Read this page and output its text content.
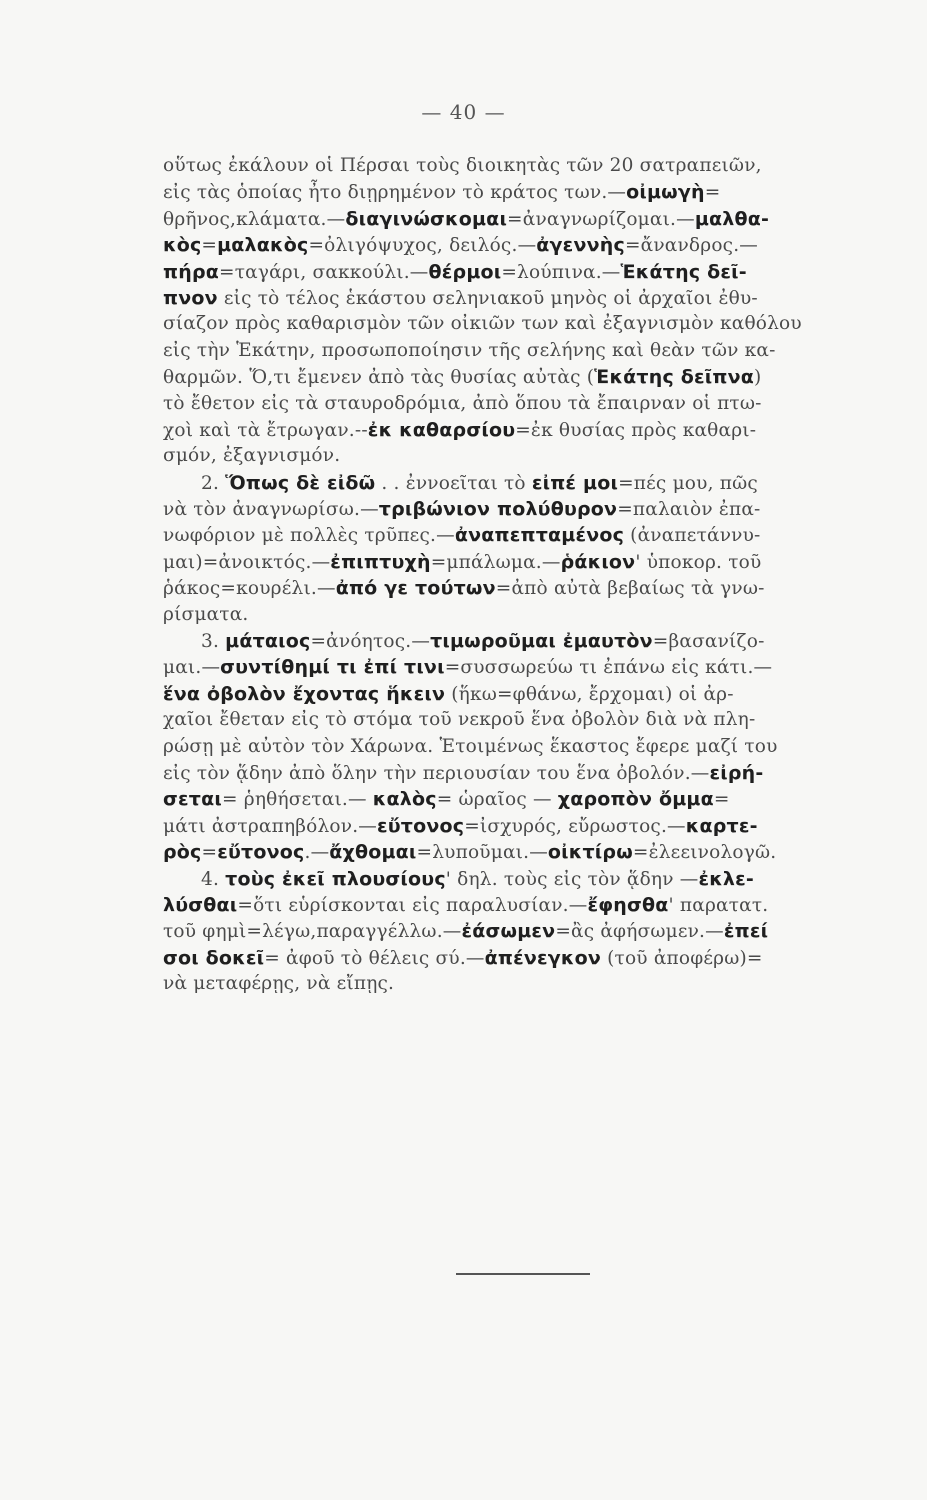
— 40 —
οὕτως ἐκάλουν οἱ Πέρσαι τοὺς διοικητὰς τῶν 20 σατραπειῶν,
εἰς τὰς ὁποίας ἦτο διῃρημένον τὸ κράτος των.—οἰμωγὴ=
θρῆνος,κλάματα.—διαγινώσκομαι=ἀναγνωρίζομαι.—μαλθα-
κὸς=μαλακὸς=ὀλιγόψυχος, δειλός.—ἀγεννὴς=ἄνανδρος.—
πήρα=ταγάρι, σακκούλι.—θέρμοι=λούπινα.—Ἑκάτης δεῖ-
πνον εἰς τὸ τέλος ἑκάστου σεληνιακοῦ μηνὸς οἱ ἀρχαῖοι ἐθυ-
σίαζον πρὸς καθαρισμὸν τῶν οἰκιῶν των καὶ ἐξαγνισμὸν καθόλου
εἰς τὴν Ἑκάτην, προσωποποίησιν τῆς σελήνης καὶ θεὰν τῶν κα-
θαρμῶν. Ὅ,τι ἔμενεν ἀπὸ τὰς θυσίας αὐτὰς (Ἑκάτης δεῖπνα)
τὸ ἔθετον εἰς τὰ σταυροδρόμια, ἀπὸ ὅπου τὰ ἔπαιρναν οἱ πτω-
χοὶ καὶ τὰ ἔτρωγαν.--ἐκ καθαρσίου=ἐκ θυσίας πρὸς καθαρι-
σμόν, ἐξαγνισμόν.
2. Ὅπως δὲ εἰδῶ . . ἐννοεῖται τὸ εἰπέ μοι=πές μου, πῶς
νὰ τὸν ἀναγνωρίσω.—τριβώνιον πολύθυρον=παλαιὸν ἐπα-
νωφόριον μὲ πολλὲς τρῦπες.—ἀναπεπταμένος (ἀναπετάννυ-
μαι)=ἀνοικτός.—ἐπιπτυχὴ=μπάλωμα.—ῥάκιον' ὑποκορ. τοῦ
ῥάκος=κουρέλι.—ἀπό γε τούτων=ἀπὸ αὐτὰ βεβαίως τὰ γνω-
ρίσματα.
3. μάταιος=ἀνόητος.—τιμωροῦμαι ἐμαυτὸν=βασανίζο-
μαι.—συντίθημί τι ἐπί τινι=συσσωρεύω τι ἐπάνω εἰς κάτι.—
ἕνα ὀβολὸν ἔχοντας ἥκειν (ἥκω=φθάνω, ἔρχομαι) οἱ ἀρ-
χαῖοι ἔθεταν εἰς τὸ στόμα τοῦ νεκροῦ ἕνα ὀβολὸν διὰ νὰ πλη-
ρώσῃ μὲ αὐτὸν τὸν Χάρωνα. Ἑτοιμένως ἕκαστος ἔφερε μαζί του
εἰς τὸν ᾅδην ἀπὸ ὅλην τὴν περιουσίαν του ἕνα ὀβολόν.—εἰρή-
σεται= ῥηθήσεται.— καλὸς= ὡραῖος — χαροπὸν ὄμμα=
μάτι ἀστραπηβόλον.—εὔτονος=ἰσχυρός, εὔρωστος.—καρτε-
ρὸς=εὔτονος.—ἄχθομαι=λυποῦμαι.—οἰκτίρω=ἐλεεινολογῶ.
4. τοὺς ἐκεῖ πλουσίους' δηλ. τοὺς εἰς τὸν ᾅδην —ἐκλε-
λύσθαι=ὅτι εὑρίσκονται εἰς παραλυσίαν.—ἔφησθα' παρατατ.
τοῦ φημὶ=λέγω,παραγγέλλω.—ἐάσωμεν=ἂς ἀφήσωμεν.—ἐπεί
σοι δοκεῖ= ἀφοῦ τὸ θέλεις σύ.—ἀπένεγκον (τοῦ ἀποφέρω)=
νὰ μεταφέρῃς, νὰ εἴπῃς.
